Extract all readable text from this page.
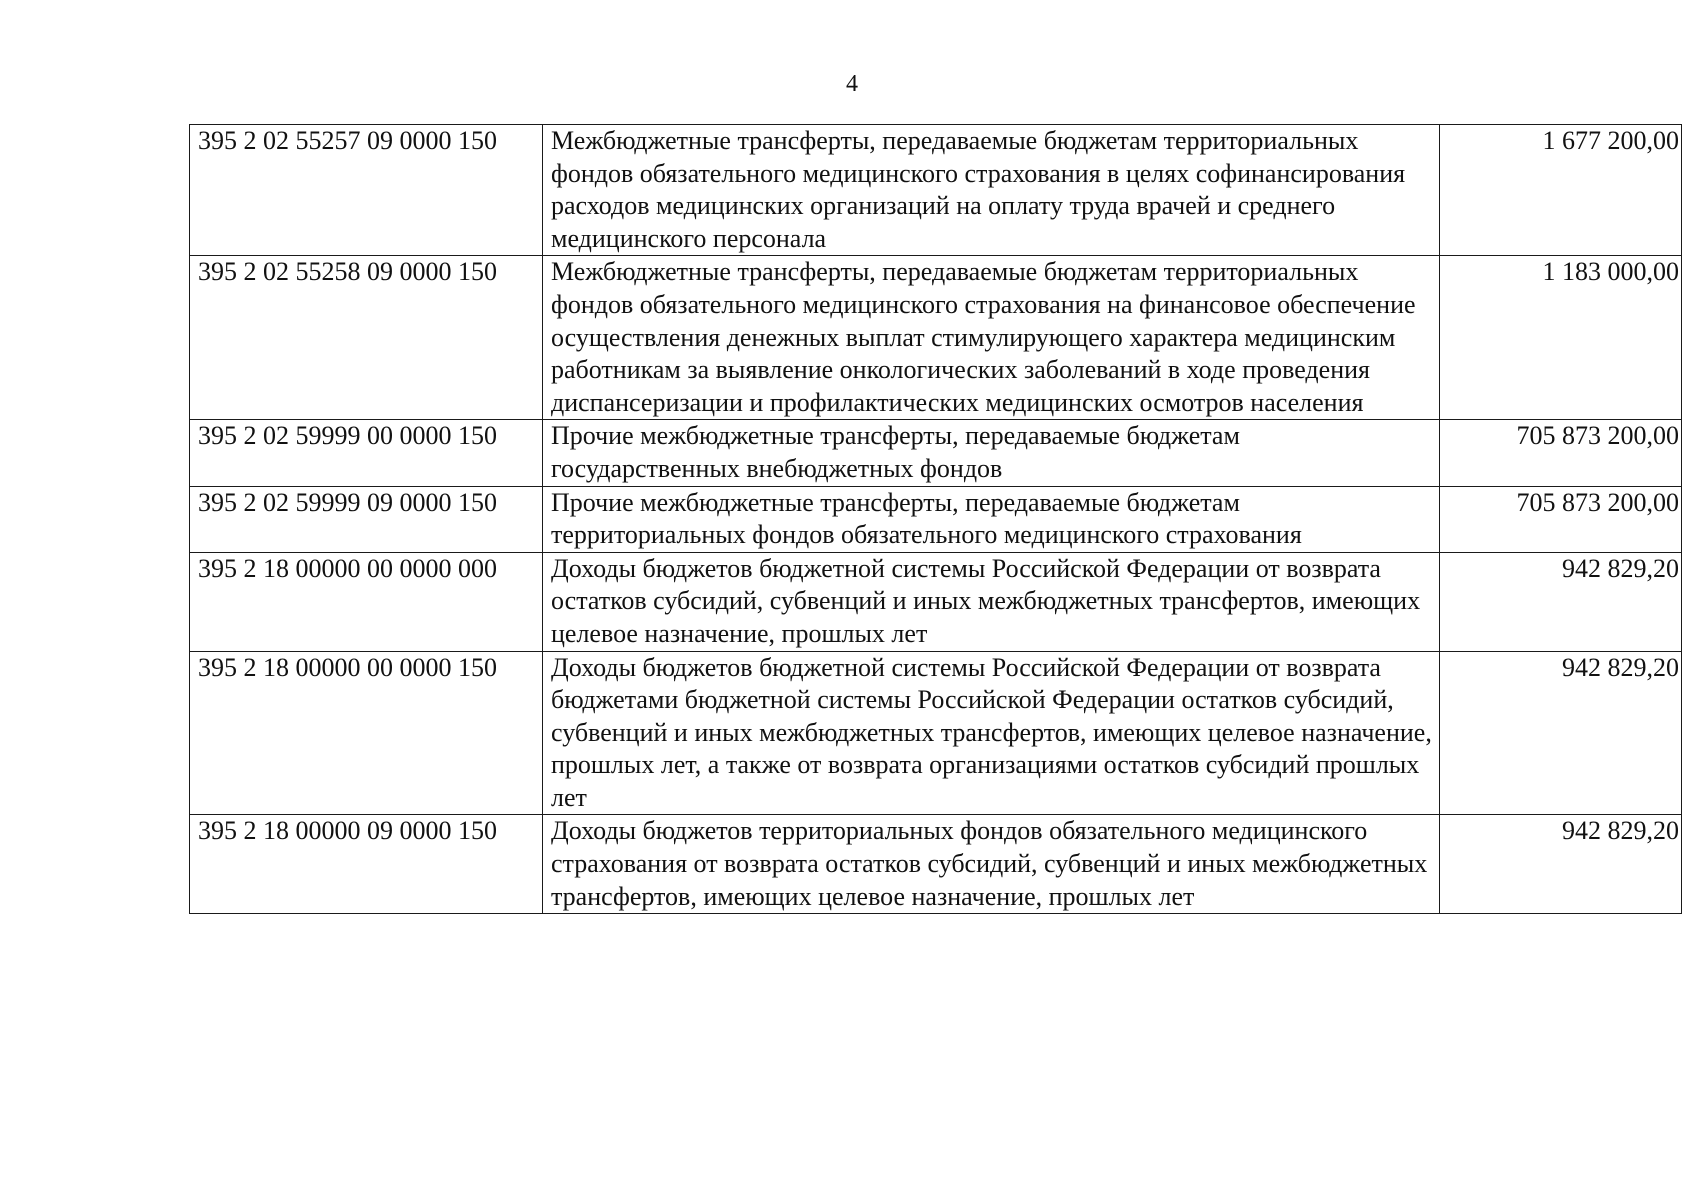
4
395 2 02 55257 09 0000 150	Межбюджетные трансферты, передаваемые бюджетам территориальных фондов обязательного медицинского страхования в целях софинансирования расходов медицинских организаций на оплату труда врачей и среднего медицинского персонала	1 677 200,00
395 2 02 55258 09 0000 150	Межбюджетные трансферты, передаваемые бюджетам территориальных фондов обязательного медицинского страхования на финансовое обеспечение осуществления денежных выплат стимулирующего характера медицинским работникам за выявление онкологических заболеваний в ходе проведения диспансеризации и профилактических медицинских осмотров населения	1 183 000,00
395 2 02 59999 00 0000 150	Прочие межбюджетные трансферты, передаваемые бюджетам государственных внебюджетных фондов	705 873 200,00
395 2 02 59999 09 0000 150	Прочие межбюджетные трансферты, передаваемые бюджетам территориальных фондов обязательного медицинского страхования	705 873 200,00
395 2 18 00000 00 0000 000	Доходы бюджетов бюджетной системы Российской Федерации от возврата остатков субсидий, субвенций и иных межбюджетных трансфертов, имеющих целевое назначение, прошлых лет	942 829,20
395 2 18 00000 00 0000 150	Доходы бюджетов бюджетной системы Российской Федерации от возврата бюджетами бюджетной системы Российской Федерации остатков субсидий, субвенций и иных межбюджетных трансфертов, имеющих целевое назначение, прошлых лет, а также от возврата организациями остатков субсидий прошлых лет	942 829,20
395 2 18 00000 09 0000 150	Доходы бюджетов территориальных фондов обязательного медицинского страхования от возврата остатков субсидий, субвенций и иных межбюджетных трансфертов, имеющих целевое назначение, прошлых лет	942 829,20
